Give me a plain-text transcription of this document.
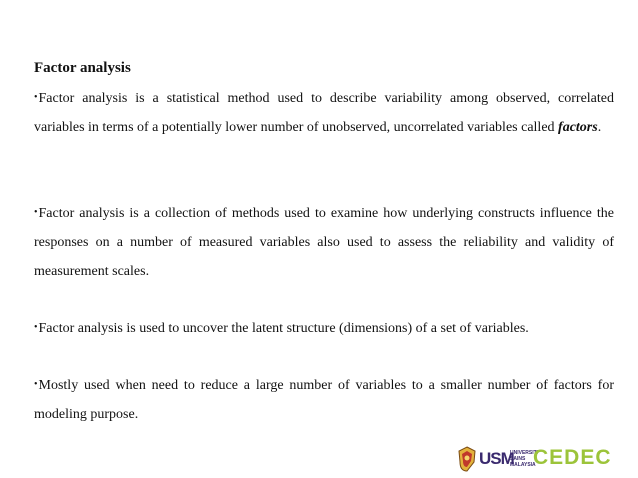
Factor analysis
•Factor analysis is a statistical method used to describe variability among observed, correlated variables in terms of a potentially lower number of unobserved, uncorrelated variables called factors.
•Factor analysis is a collection of methods used to examine how underlying constructs influence the responses on a number of measured variables also used to assess the reliability and validity of measurement scales.
•Factor analysis is used to uncover the latent structure (dimensions) of a set of variables.
•Mostly used when need to reduce a large number of variables to a smaller number of factors for modeling purpose.
USM
UNIVERSITI
SAINS
MALAYSIA
CEDEC
